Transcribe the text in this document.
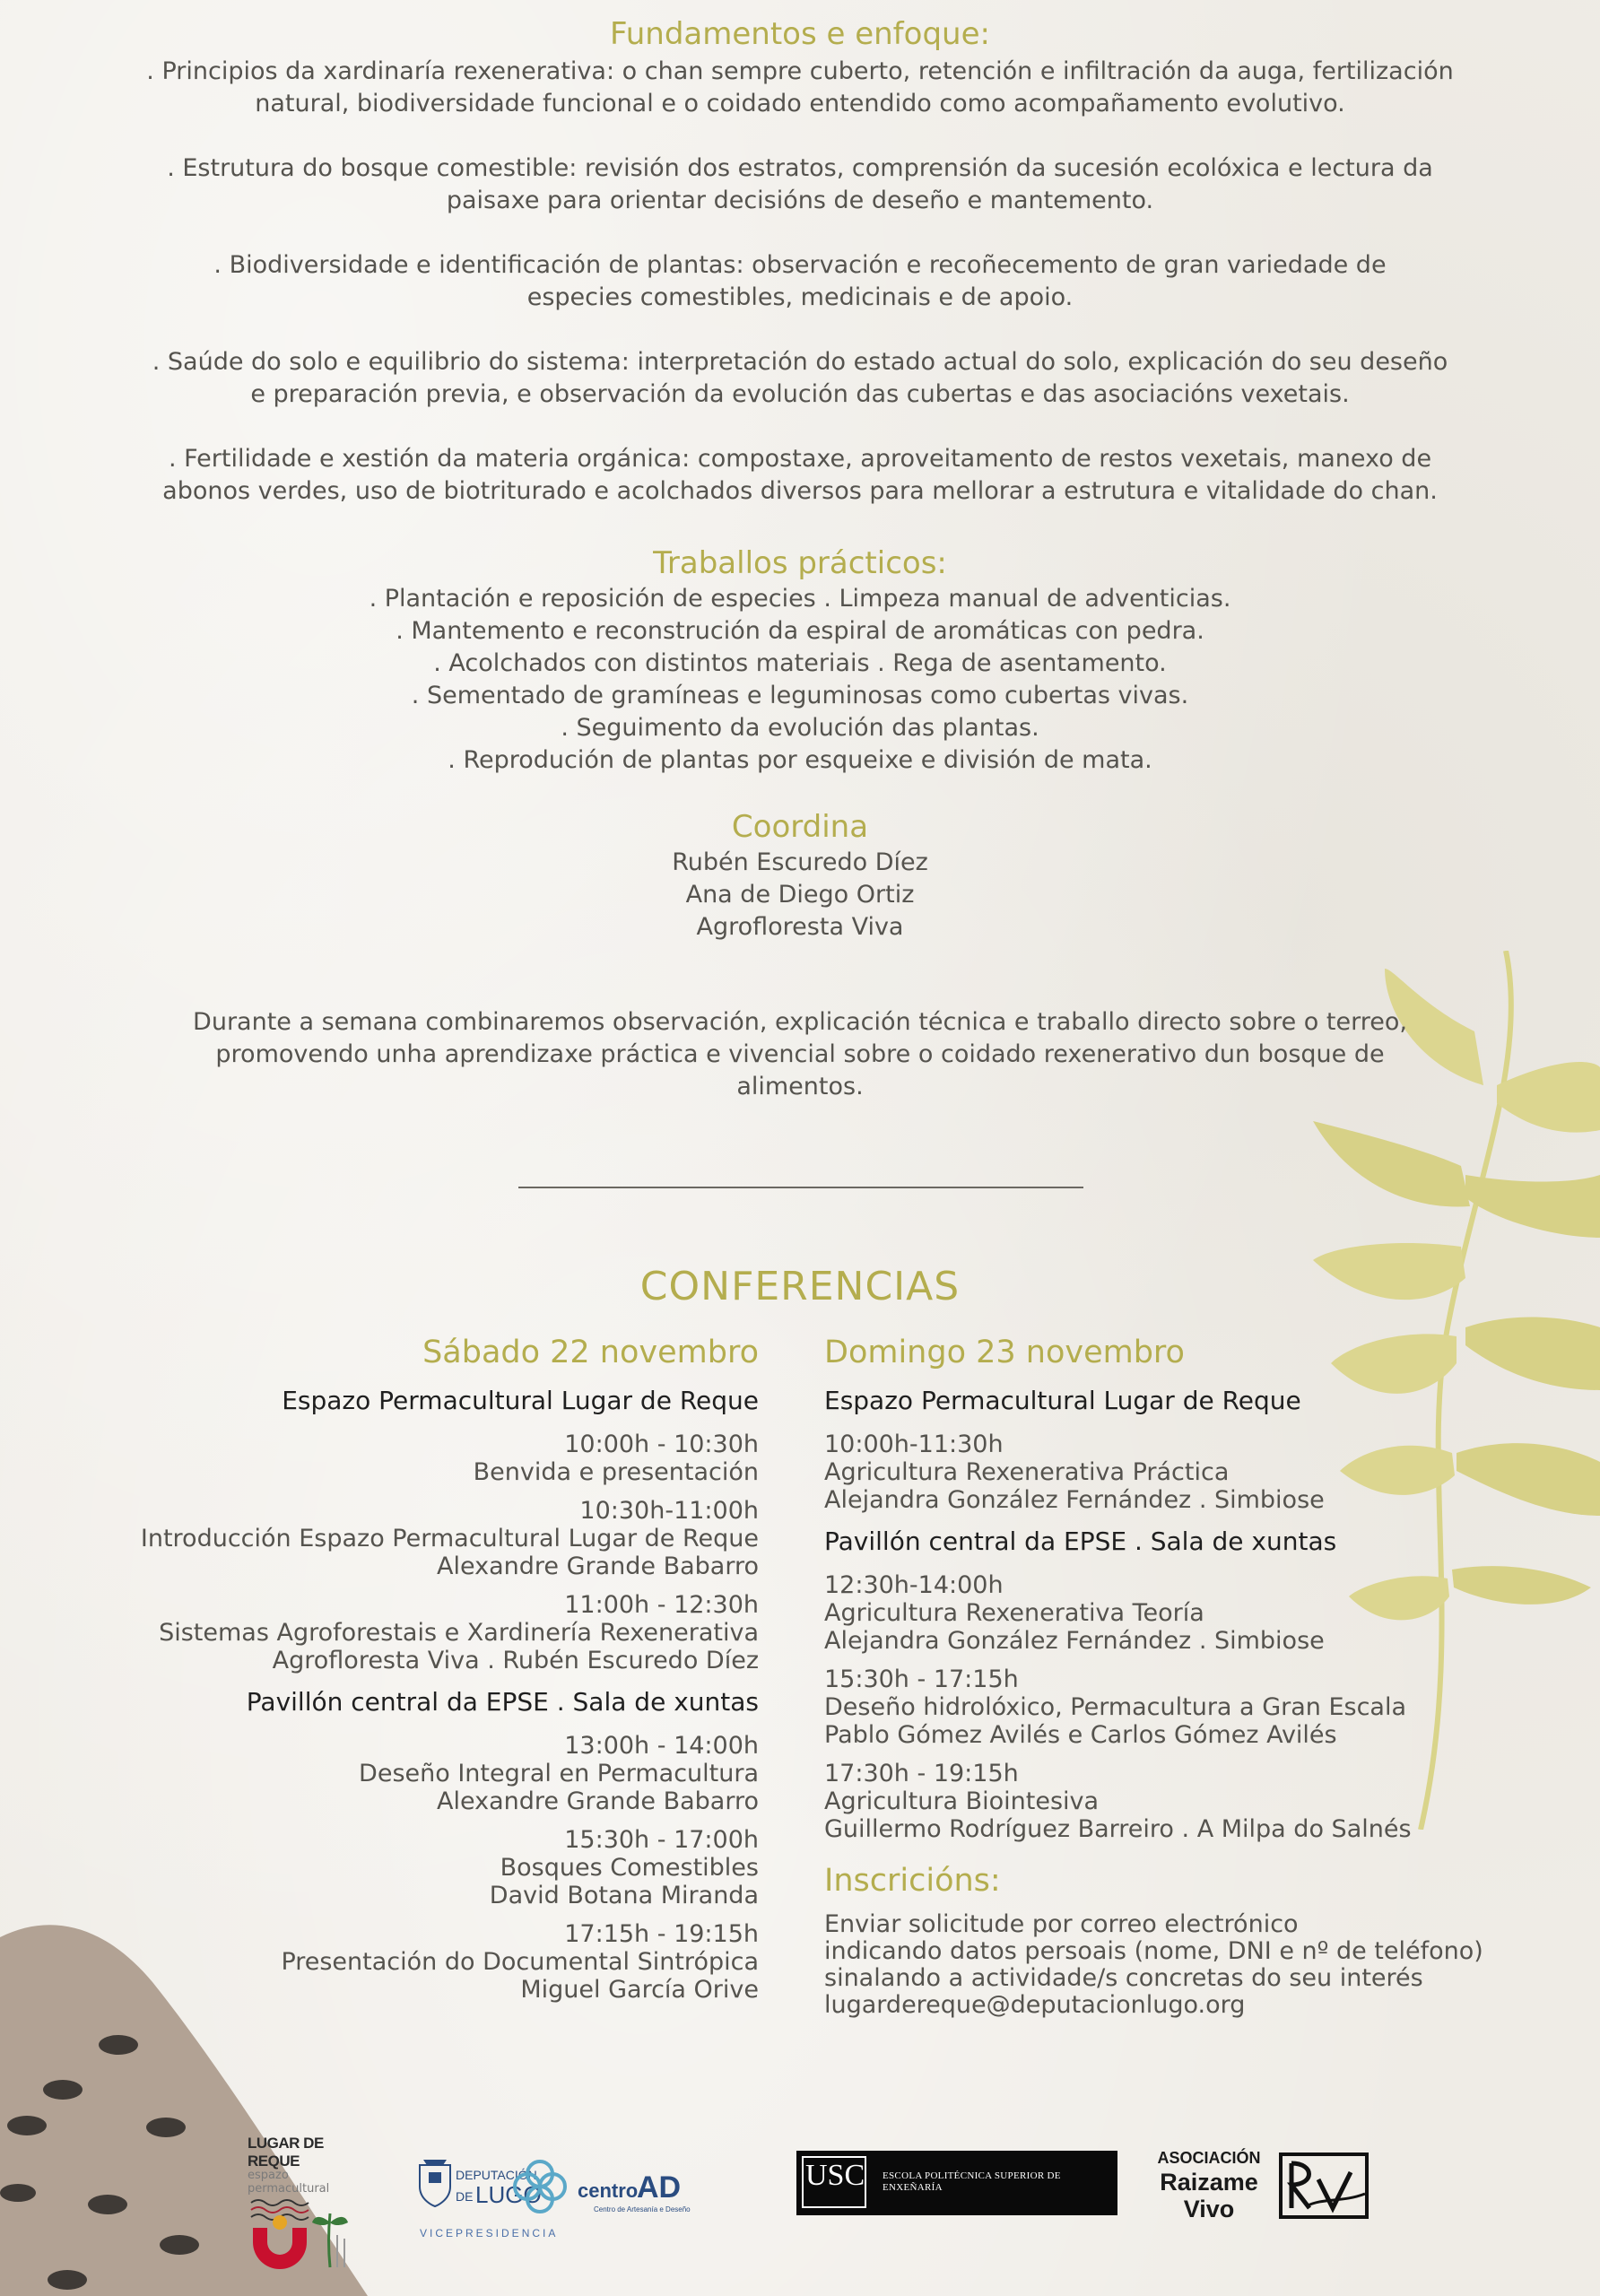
Fundamentos e enfoque:

. Principios da xardinaría rexenerativa: o chan sempre cuberto, retención e infiltración da auga, fertilización natural, biodiversidade funcional e o coidado entendido como acompañamento evolutivo.

. Estrutura do bosque comestible: revisión dos estratos, comprensión da sucesión ecolóxica e lectura da paisaxe para orientar decisións de deseño e mantemento.

. Biodiversidade e identificación de plantas: observación e recoñecemento de gran variedade de especies comestibles, medicinais e de apoio.

. Saúde do solo e equilibrio do sistema: interpretación do estado actual do solo, explicación do seu deseño e preparación previa, e observación da evolución das cubertas e das asociacións vexetais.

. Fertilidade e xestión da materia orgánica: compostaxe, aproveitamento de restos vexetais, manexo de abonos verdes, uso de biotriturado e acolchados diversos para mellorar a estrutura e vitalidade do chan.

Traballos prácticos:
. Plantación e reposición de especies . Limpeza manual de adventicias.
. Mantemento e reconstrución da espiral de aromáticas con pedra.
. Acolchados con distintos materiais . Rega de asentamento.
. Sementado de gramíneas e leguminosas como cubertas vivas.
. Seguimento da evolución das plantas.
. Reprodución de plantas por esqueixe e división de mata.
Coordina
Rubén Escuredo Díez
Ana de Diego Ortiz
Agrofloresta Viva

Durante a semana combinaremos observación, explicación técnica e traballo directo sobre o terreo, promovendo unha aprendizaxe práctica e vivencial sobre o coidado rexenerativo dun bosque de alimentos.

CONFERENCIAS
Sábado 22 novembro
Espazo Permacultural Lugar de Reque
10:00h - 10:30h
Benvida e presentación
10:30h-11:00h
Introducción Espazo Permacultural Lugar de Reque
Alexandre Grande Babarro
11:00h - 12:30h
Sistemas Agroforestais e Xardinería Rexenerativa
Agrofloresta Viva . Rubén Escuredo Díez
Pavillón central da EPSE . Sala de xuntas
13:00h - 14:00h
Deseño Integral en Permacultura
Alexandre Grande Babarro
15:30h - 17:00h
Bosques Comestibles
David Botana Miranda
17:15h - 19:15h
Presentación do Documental Sintrópica
Miguel García Orive
Domingo 23 novembro
Espazo Permacultural Lugar de Reque
10:00h-11:30h
Agricultura Rexenerativa Práctica
Alejandra González Fernández . Simbiose
Pavillón central da EPSE . Sala de xuntas
12:30h-14:00h
Agricultura Rexenerativa Teoría
Alejandra González Fernández . Simbiose
15:30h - 17:15h
Deseño hidrolóxico, Permacultura a Gran Escala
Pablo Gómez Avilés e Carlos Gómez Avilés
17:30h - 19:15h
Agricultura Biointesiva
Guillermo Rodríguez Barreiro . A Milpa do Salnés
Inscricións:
Enviar solicitude por correo electrónico
indicando datos persoais (nome, DNI e nº de teléfono)
sinalando a actividade/s concretas do seu interés
lugardereque@deputacionlugo.org
LUGAR DE REQUE
espazo permacultural
DEPUTACIÓN
DE LUGO
VICEPRESIDENCIA
centro
AD
Centro de Artesanía e Deseño
USC ESCOLA POLITÉCNICA SUPERIOR DE ENXEÑARÍA
ASOCIACIÓN
Raizame
Vivo
